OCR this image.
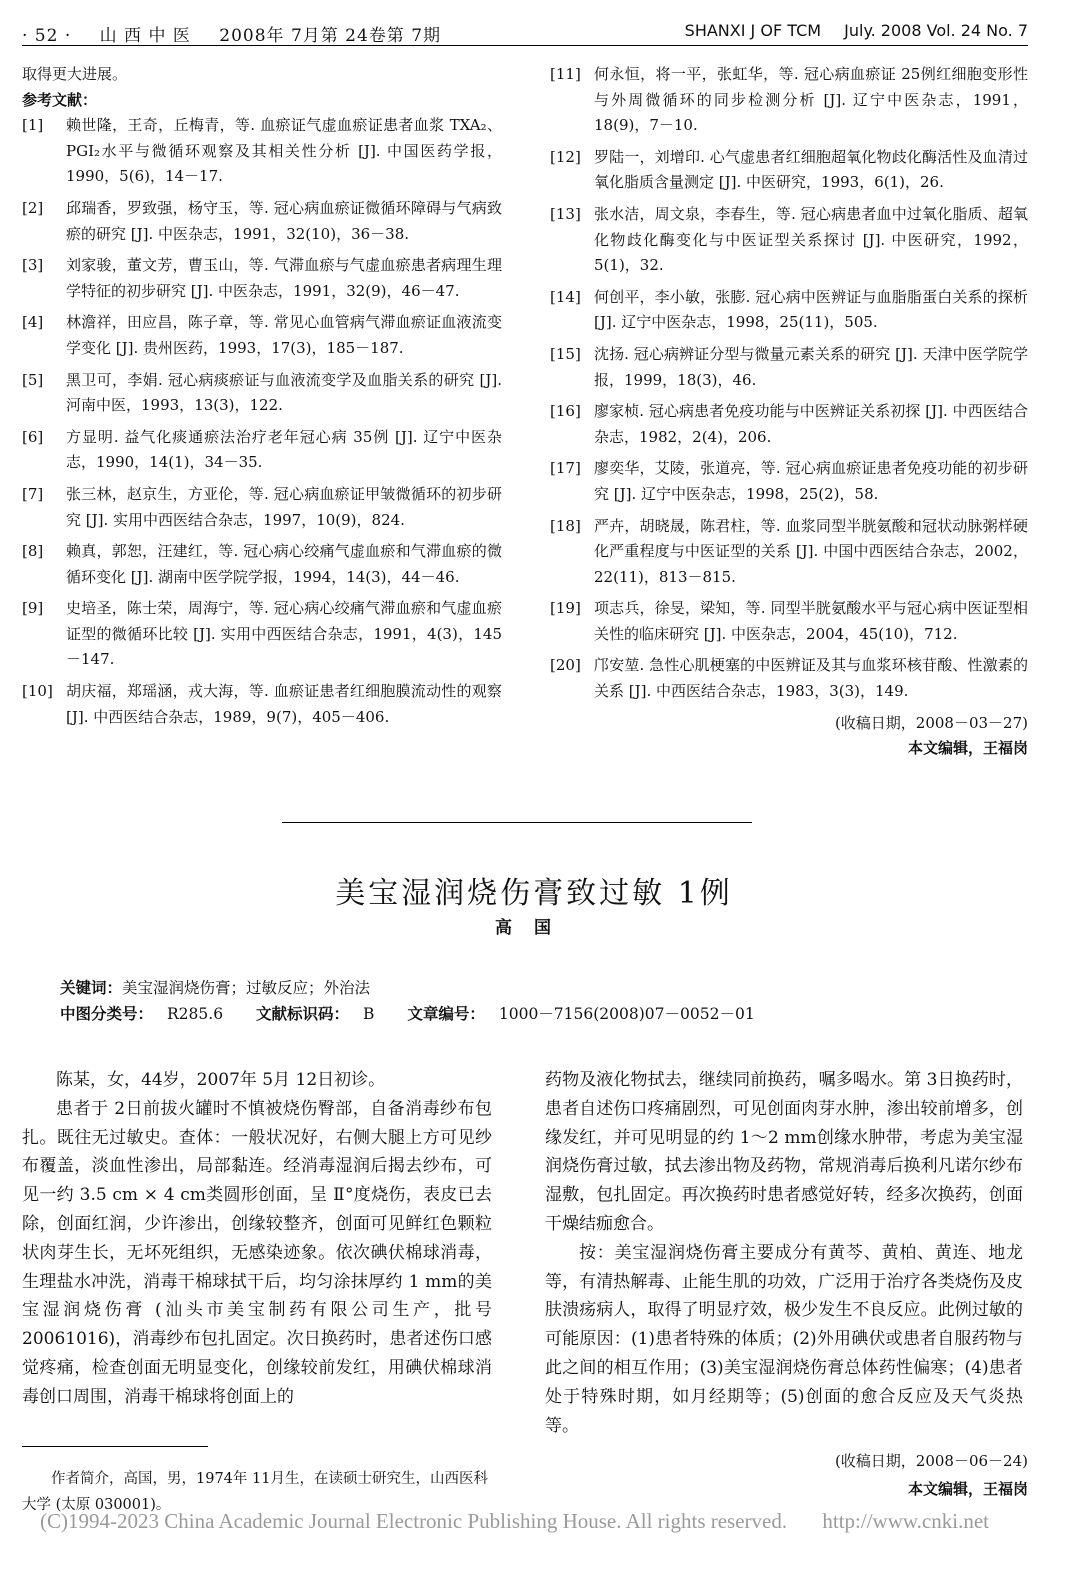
· 52 · 山 西 中 医 2008年 7月第 24卷第 7期	SHANXI J OF TCM July. 2008 Vol. 24 No. 7
取得更大进展。
参考文献：
[1]	赖世隆，王奇，丘梅青，等. 血瘀证气虚血瘀证患者血浆 TXA₂、PGI₂水平与微循环观察及其相关性分析 [J]. 中国医药学报，1990，5(6)，14－17.
[2]	邱瑞香，罗致强，杨守玉，等. 冠心病血瘀证微循环障碍与气病致瘀的研究 [J]. 中医杂志，1991，32(10)，36－38.
[3]	刘家骏，董文芳，曹玉山，等. 气滞血瘀与气虚血瘀患者病理生理学特征的初步研究 [J]. 中医杂志，1991，32(9)，46－47.
[4]	林澹祥，田应昌，陈子章，等. 常见心血管病气滞血瘀证血液流变学变化 [J]. 贵州医药，1993，17(3)，185－187.
[5]	黑卫可，李娟. 冠心病痰瘀证与血液流变学及血脂关系的研究 [J]. 河南中医，1993，13(3)，122.
[6]	方显明. 益气化痰通瘀法治疗老年冠心病 35例 [J]. 辽宁中医杂志，1990，14(1)，34－35.
[7]	张三林，赵京生，方亚伦，等. 冠心病血瘀证甲皱微循环的初步研究 [J]. 实用中西医结合杂志，1997，10(9)，824.
[8]	赖真，郭恕，汪建红，等. 冠心病心绞痛气虚血瘀和气滞血瘀的微循环变化 [J]. 湖南中医学院学报，1994，14(3)，44－46.
[9]	史培圣，陈士荣，周海宁，等. 冠心病心绞痛气滞血瘀和气虚血瘀证型的微循环比较 [J]. 实用中西医结合杂志，1991，4(3)，145－147.
[10] 胡庆福，郑瑶涵，戎大海，等. 血瘀证患者红细胞膜流动性的观察 [J]. 中西医结合杂志，1989，9(7)，405－406.
[11] 何永恒，将一平，张虹华，等. 冠心病血瘀证 25例红细胞变形性与外周微循环的同步检测分析 [J]. 辽宁中医杂志，1991，18(9)，7－10.
[12] 罗陆一，刘增印. 心气虚患者红细胞超氧化物歧化酶活性及血清过氧化脂质含量测定 [J]. 中医研究，1993，6(1)，26.
[13] 张水洁，周文泉，李春生，等. 冠心病患者血中过氧化脂质、超氧化物歧化酶变化与中医证型关系探讨 [J]. 中医研究，1992，5(1)，32.
[14] 何创平，李小敏，张膨. 冠心病中医辨证与血脂脂蛋白关系的探析 [J]. 辽宁中医杂志，1998，25(11)，505.
[15] 沈扬. 冠心病辨证分型与微量元素关系的研究 [J]. 天津中医学院学报，1999，18(3)，46.
[16] 廖家桢. 冠心病患者免疫功能与中医辨证关系初探 [J]. 中西医结合杂志，1982，2(4)，206.
[17] 廖奕华，艾陵，张道亮，等. 冠心病血瘀证患者免疫功能的初步研究 [J]. 辽宁中医杂志，1998，25(2)，58.
[18] 严卉，胡晓晟，陈君柱，等. 血浆同型半胱氨酸和冠状动脉粥样硬化严重程度与中医证型的关系 [J]. 中国中西医结合杂志，2002，22(11)，813－815.
[19] 项志兵，徐旻，梁知，等. 同型半胱氨酸水平与冠心病中医证型相关性的临床研究 [J]. 中医杂志，2004，45(10)，712.
[20] 邝安堃. 急性心肌梗塞的中医辨证及其与血浆环核苷酸、性激素的关系 [J]. 中西医结合杂志，1983，3(3)，149.
(收稿日期，2008－03－27)
本文编辑，王福岗
美宝湿润烧伤膏致过敏 1例
高国
关键词：美宝湿润烧伤膏；过敏反应；外治法
中图分类号： R285.6 文献标识码： B 文章编号： 1000－7156(2008)07－0052－01

陈某，女，44岁，2007年 5月 12日初诊。

患者于 2日前拔火罐时不慎被烧伤臀部，自备消毒纱布包扎。既往无过敏史。查体：一般状况好，右侧大腿上方可见纱布覆盖，淡血性渗出，局部黏连。经消毒湿润后揭去纱布，可见一约 3.5 cm × 4 cm类圆形创面，呈 Ⅱ°度烧伤，表皮已去除，创面红润，少许渗出，创缘较整齐，创面可见鲜红色颗粒状肉芽生长，无坏死组织，无感染迹象。依次碘伏棉球消毒，生理盐水冲洗，消毒干棉球拭干后，均匀涂抹厚约 1 mm的美宝湿润烧伤膏 (汕头市美宝制药有限公司生产，批号 20061016)，消毒纱布包扎固定。次日换药时，患者述伤口感觉疼痛，检查创面无明显变化，创缘较前发红，用碘伏棉球消毒创口周围，消毒干棉球将创面上的

药物及液化物拭去，继续同前换药，嘱多喝水。第 3日换药时，患者自述伤口疼痛剧烈，可见创面肉芽水肿，渗出较前增多，创缘发红，并可见明显的约 1～2 mm创缘水肿带，考虑为美宝湿润烧伤膏过敏，拭去渗出物及药物，常规消毒后换利凡诺尔纱布湿敷，包扎固定。再次换药时患者感觉好转，经多次换药，创面干燥结痂愈合。

按：美宝湿润烧伤膏主要成分有黄芩、黄柏、黄连、地龙等，有清热解毒、止能生肌的功效，广泛用于治疗各类烧伤及皮肤溃疡病人，取得了明显疗效，极少发生不良反应。此例过敏的可能原因：(1)患者特殊的体质；(2)外用碘伏或患者自服药物与此之间的相互作用；(3)美宝湿润烧伤膏总体药性偏寒；(4)患者处于特殊时期，如月经期等；(5)创面的愈合反应及天气炎热等。

作者简介，高国，男，1974年 11月生，在读硕士研究生，山西医科大学 (太原 030001)。
(收稿日期，2008－06－24)
本文编辑，王福岗
(C)1994-2023 China Academic Journal Electronic Publishing House. All rights reserved. http://www.cnki.net
